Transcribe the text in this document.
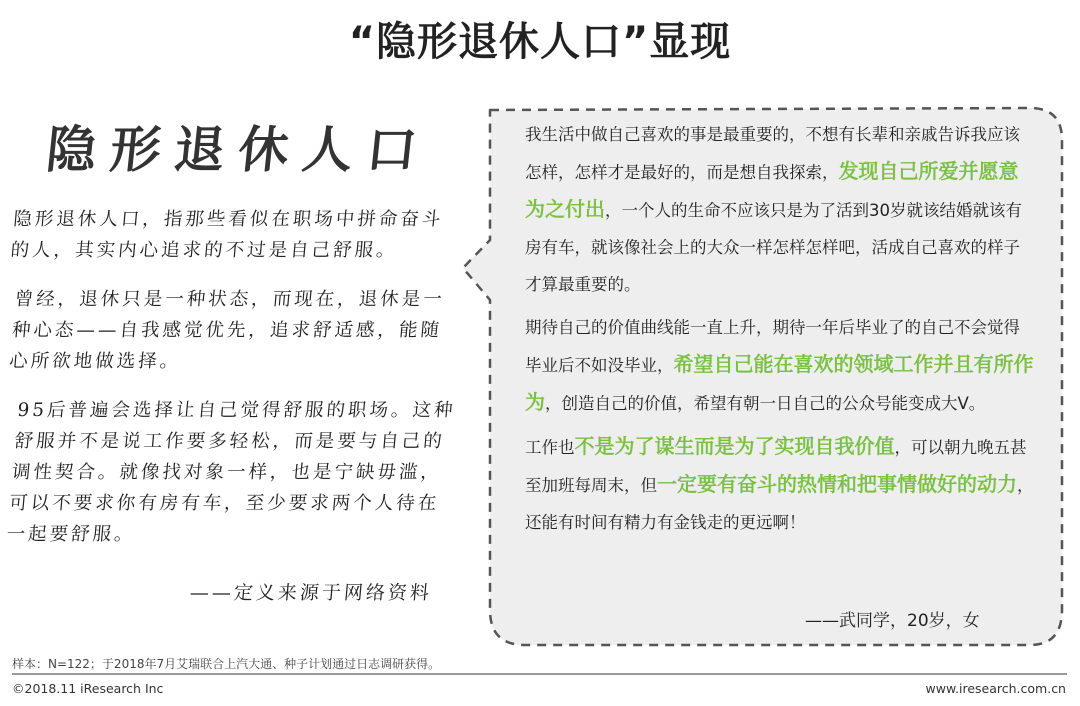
“隐形退休人口”显现
隐形退休人口

隐形退休人口，指那些看似在职场中拼命奋斗的人，其实内心追求的不过是自己舒服。

曾经，退休只是一种状态，而现在，退休是一种心态——自我感觉优先，追求舒适感，能随心所欲地做选择。

95后普遍会选择让自己觉得舒服的职场。这种舒服并不是说工作要多轻松，而是要与自己的调性契合。就像找对象一样，也是宁缺毋滥，可以不要求你有房有车，至少要求两个人待在一起要舒服。

——定义来源于网络资料

我生活中做自己喜欢的事是最重要的，不想有长辈和亲戚告诉我应该怎样，怎样才是最好的，而是想自我探索，发现自己所爱并愿意为之付出，一个人的生命不应该只是为了活到30岁就该结婚就该有房有车，就该像社会上的大众一样怎样怎样吧，活成自己喜欢的样子才算最重要的。

期待自己的价值曲线能一直上升，期待一年后毕业了的自己不会觉得毕业后不如没毕业，希望自己能在喜欢的领域工作并且有所作为，创造自己的价值，希望有朝一日自己的公众号能变成大V。

工作也不是为了谋生而是为了实现自我价值，可以朝九晚五甚至加班每周末，但一定要有奋斗的热情和把事情做好的动力，还能有时间有精力有金钱走的更远啊！

——武同学，20岁，女
样本：N=122；于2018年7月艾瑞联合上汽大通、种子计划通过日志调研获得。
©2018.11 iResearch Inc	www.iresearch.com.cn
